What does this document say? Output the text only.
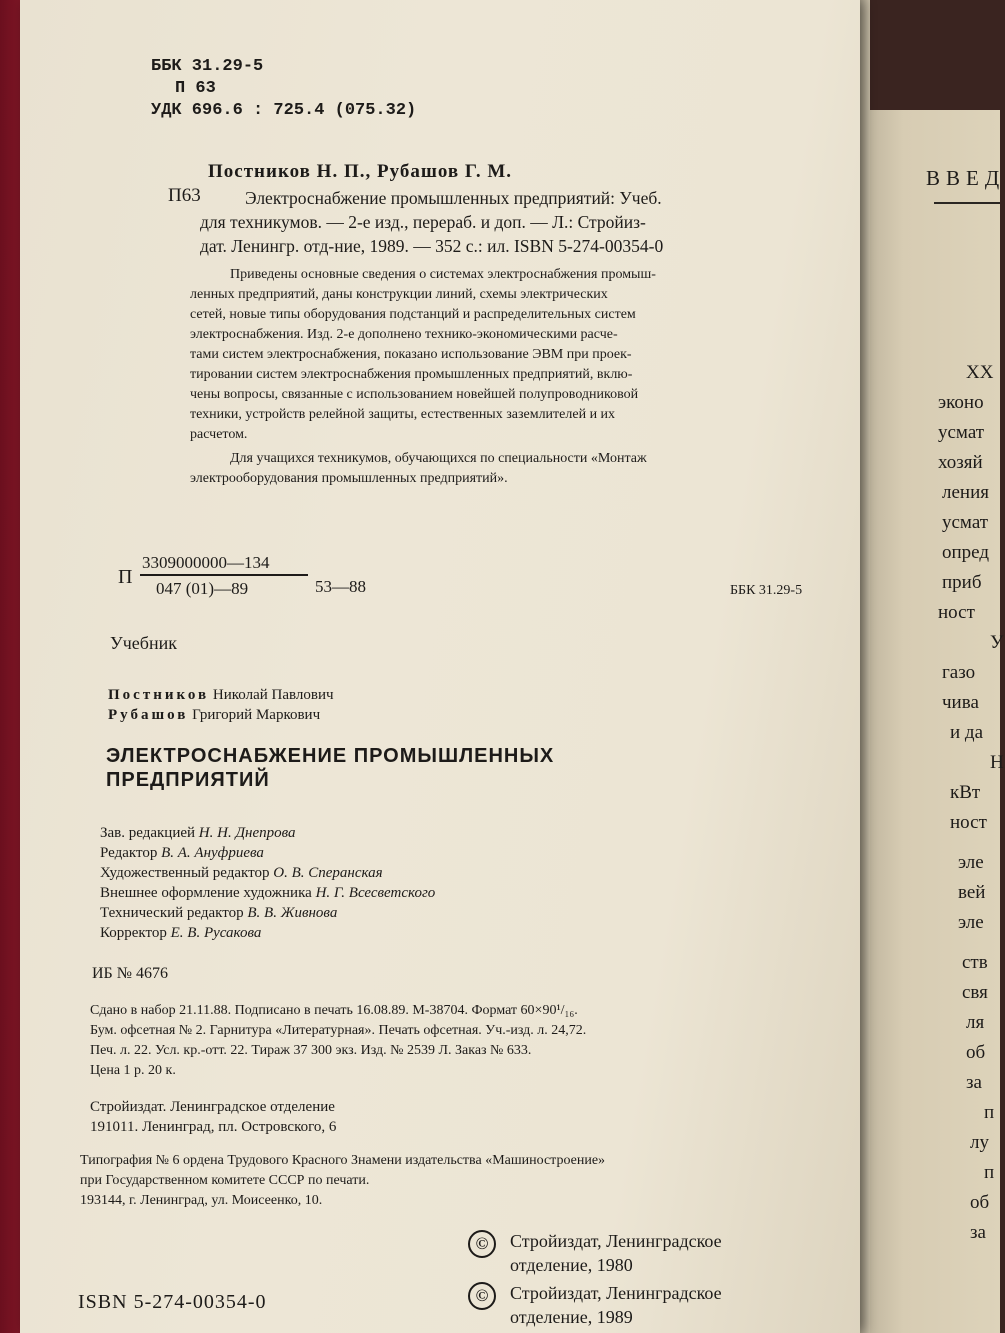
ВВЕД
XX
эконо
усмат
хозяй
ления
усмат
опред
приб
ност
У
газо
чива
и да
Н
кВт
ност
эле
вей
эле
ств
свя
ля
об
за
п
лу
п
об
за
ББК 31.29-5
П 63
УДК 696.6 : 725.4 (075.32)
П63
Постников Н. П., Рубашов Г. М.
Электроснабжение промышленных предприятий: Учеб.
для техникумов. — 2-е изд., перераб. и доп. — Л.: Стройиз-
дат. Ленингр. отд-ние, 1989. — 352 с.: ил. ISBN 5-274-00354-0
Приведены основные сведения о системах электроснабжения промыш-
ленных предприятий, даны конструкции линий, схемы электрических
сетей, новые типы оборудования подстанций и распределительных систем
электроснабжения. Изд. 2-е дополнено технико-экономическими расче-
тами систем электроснабжения, показано использование ЭВМ при проек-
тировании систем электроснабжения промышленных предприятий, вклю-
чены вопросы, связанные с использованием новейшей полупроводниковой
техники, устройств релейной защиты, естественных заземлителей и их
расчетом.
Для учащихся техникумов, обучающихся по специальности «Монтаж
электрооборудования промышленных предприятий».
П
3309000000—134
047 (01)—89	53—88	ББК 31.29-5
Учебник
Постников Николай Павлович
Рубашов Григорий Маркович
ЭЛЕКТРОСНАБЖЕНИЕ ПРОМЫШЛЕННЫХ
ПРЕДПРИЯТИЙ
Зав. редакцией Н. Н. Днепрова
Редактор В. А. Ануфриева
Художественный редактор О. В. Сперанская
Внешнее оформление художника Н. Г. Всесветского
Технический редактор В. В. Живнова
Корректор Е. В. Русакова
ИБ № 4676
Сдано в набор 21.11.88. Подписано в печать 16.08.89. М-38704. Формат 60×90¹/₁₆.
Бум. офсетная № 2. Гарнитура «Литературная». Печать офсетная. Уч.-изд. л. 24,72.
Печ. л. 22. Усл. кр.-отт. 22. Тираж 37 300 экз. Изд. № 2539 Л. Заказ № 633.
Цена 1 р. 20 к.
Стройиздат. Ленинградское отделение
191011. Ленинград, пл. Островского, 6
Типография № 6 ордена Трудового Красного Знамени издательства «Машиностроение»
при Государственном комитете СССР по печати.
193144, г. Ленинград, ул. Моисеенко, 10.
©	Стройиздат, Ленинградское
отделение, 1980
©	Стройиздат, Ленинградское
отделение, 1989
ISBN 5-274-00354-0
